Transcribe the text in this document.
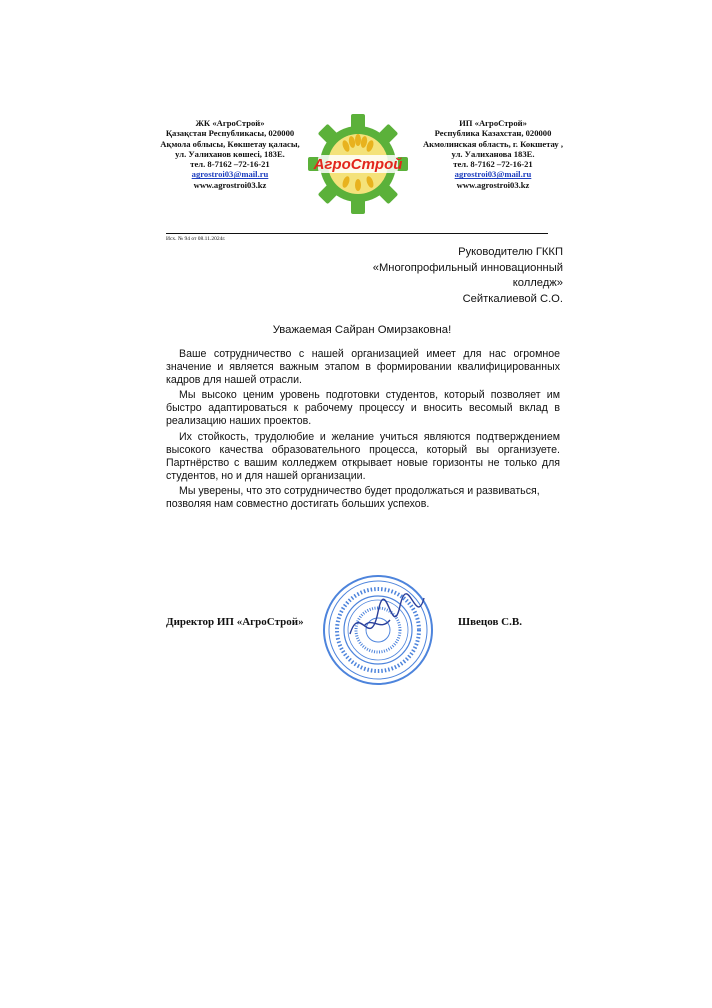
ЖК «АгроСтрой»
Қазақстан Республикасы, 020000
Ақмола облысы, Көкшетау қаласы,
ул. Уалиханов көшесі, 183Е.
тел. 8-7162 –72-16-21
agrostroi03@mail.ru
www.agrostroi03.kz
АгроСтрой
ИП «АгроСтрой»
Республика Казахстан, 020000
Акмолинская область, г. Кокшетау ,
ул. Уалиханова 183Е.
тел. 8-7162 –72-16-21
agrostroi03@mail.ru
www.agrostroi03.kz
Исх. № 94 от 08.11.2024г.
Руководителю ГККП
«Многопрофильный инновационный
колледж»
Сейткалиевой С.О.
Уважаемая Сайран Омирзаковна!

Ваше сотрудничество с нашей организацией имеет для нас огромное значение и является важным этапом в формировании квалифицированных кадров для нашей отрасли.

Мы высоко ценим уровень подготовки студентов, который позволяет им быстро адаптироваться к рабочему процессу и вносить весомый вклад в реализацию наших проектов.

Их стойкость, трудолюбие и желание учиться являются подтверждением высокого качества образовательного процесса, который вы организуете. Партнёрство с вашим колледжем открывает новые горизонты не только для студентов, но и для нашей организации.

Мы уверены, что это сотрудничество будет продолжаться и развиваться, позволяя нам совместно достигать больших успехов.

Директор ИП «АгроСтрой»	Швецов С.В.
